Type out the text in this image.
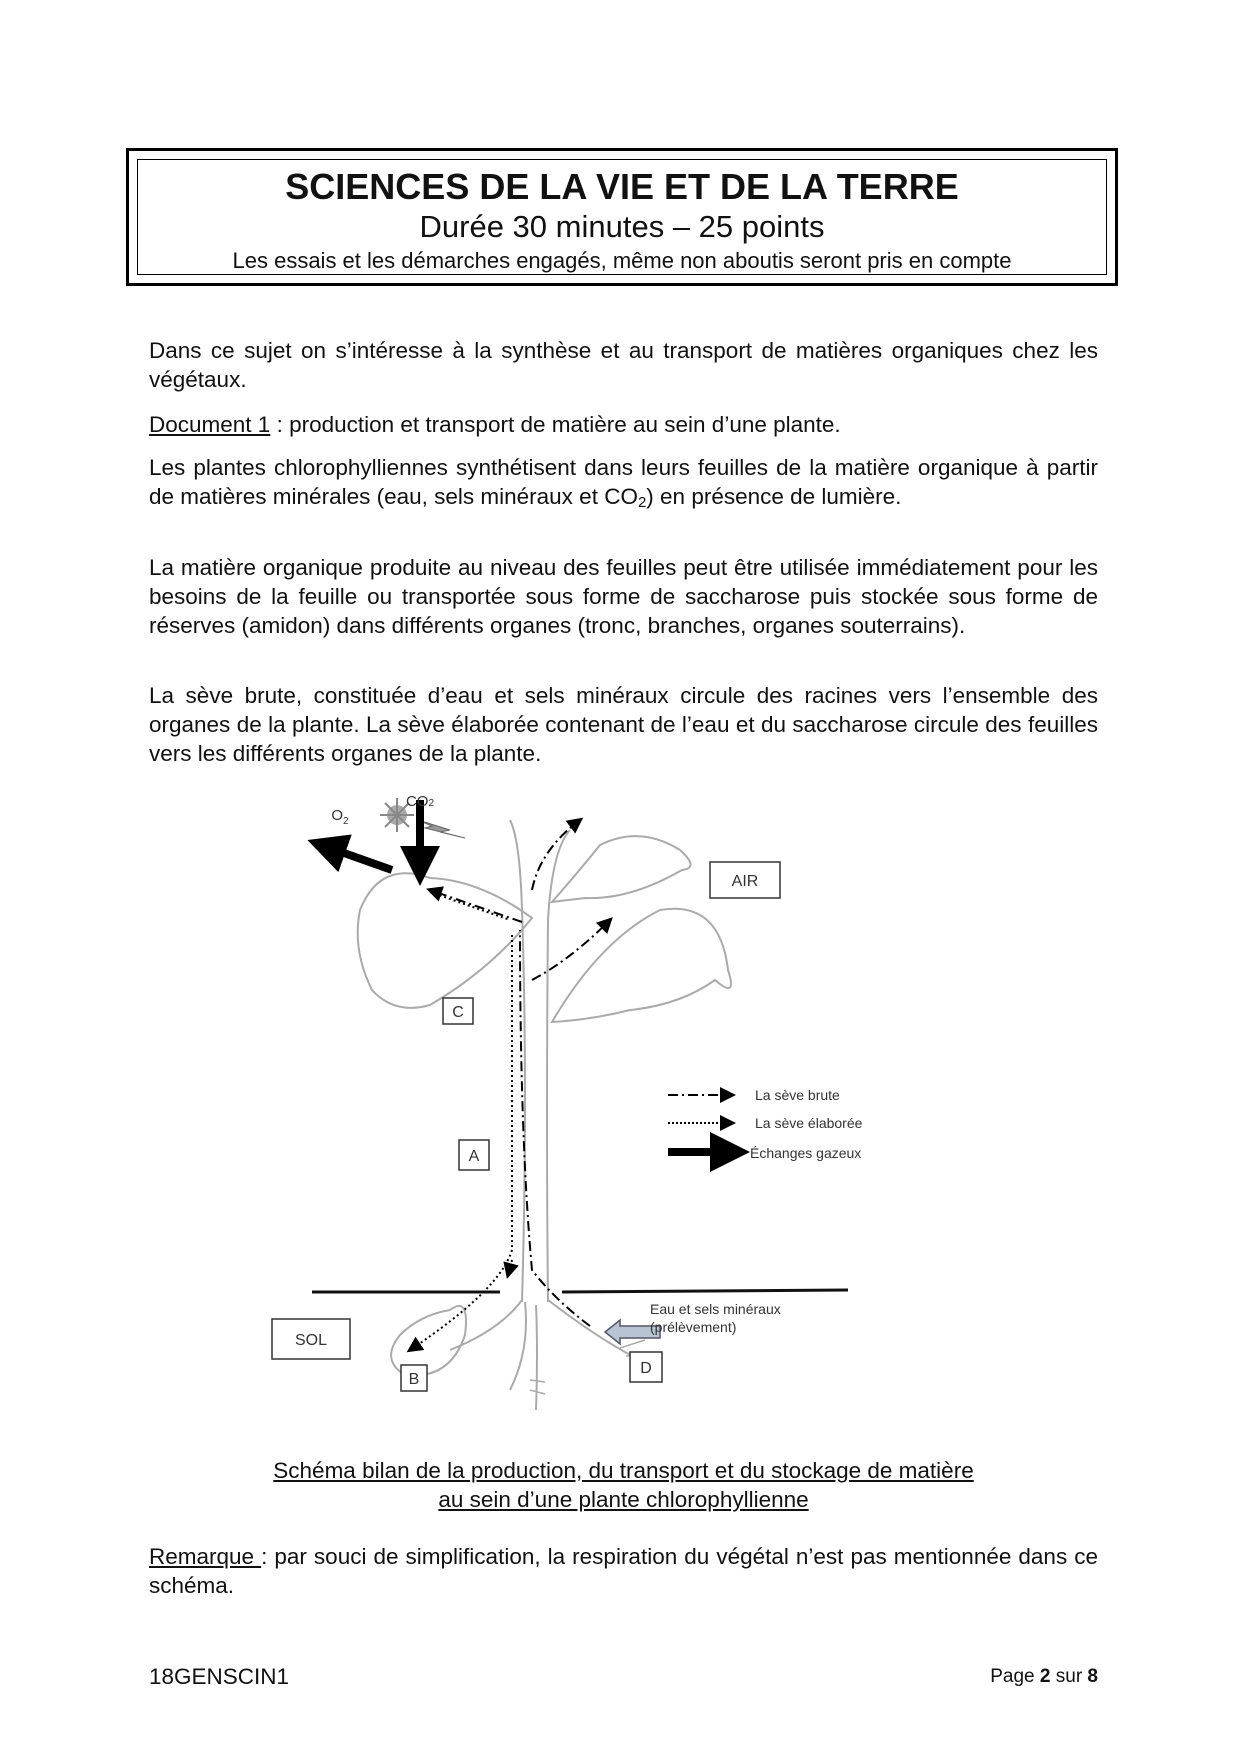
SCIENCES DE LA VIE ET DE LA TERRE
Durée 30 minutes – 25 points
Les essais et les démarches engagés, même non aboutis seront pris en compte

Dans ce sujet on s’intéresse à la synthèse et au transport de matières organiques chez les végétaux.

Document 1 : production et transport de matière au sein d’une plante.

Les plantes chlorophylliennes synthétisent dans leurs feuilles de la matière organique à partir de matières minérales (eau, sels minéraux et $CO_2$) en présence de lumière.

La matière organique produite au niveau des feuilles peut être utilisée immédiatement pour les besoins de la feuille ou transportée sous forme de saccharose puis stockée sous forme de réserves (amidon) dans différents organes (tronc, branches, organes souterrains).

La sève brute, constituée d’eau et sels minéraux circule des racines vers l’ensemble des organes de la plante. La sève élaborée contenant de l’eau et du saccharose circule des feuilles vers les différents organes de la plante.

$CO_2$
$O_2$
AIR
SOL
C
A
B
D
Eau et sels minéraux
(prélèvement)
La sève brute
La sève élaborée
Échanges gazeux
Schéma bilan de la production, du transport et du stockage de matière
au sein d’une plante chlorophyllienne
Remarque : par souci de simplification, la respiration du végétal n’est pas mentionnée dans ce schéma.
18GENSCIN1	Page 2 sur 8
